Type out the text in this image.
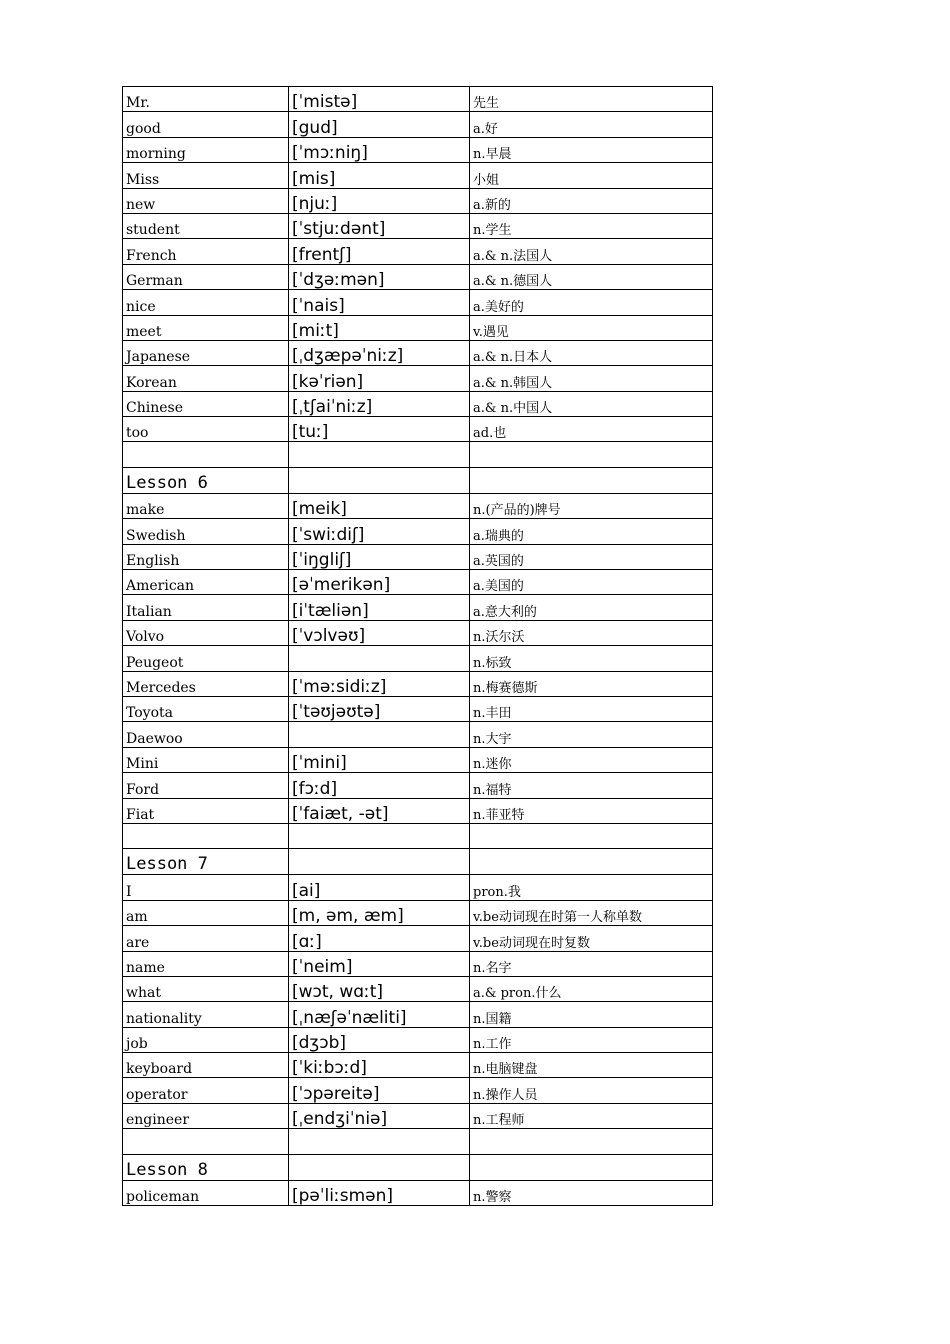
Mr.	[ˈmistə]	先生
good	[gud]	a.好
morning	[ˈmɔːniŋ]	n.早晨
Miss	[mis]	小姐
new	[njuː]	a.新的
student	[ˈstjuːdənt]	n.学生
French	[frentʃ]	a.& n.法国人
German	[ˈdʒəːmən]	a.& n.德国人
nice	[ˈnais]	a.美好的
meet	[miːt]	v.遇见
Japanese	[ˌdʒæpəˈniːz]	a.& n.日本人
Korean	[kəˈriən]	a.& n.韩国人
Chinese	[ˌtʃaiˈniːz]	a.& n.中国人
too	[tuː]	ad.也

Lesson 6		
make	[meik]	n.(产品的)牌号
Swedish	[ˈswiːdiʃ]	a.瑞典的
English	[ˈiŋgliʃ]	a.英国的
American	[əˈmerikən]	a.美国的
Italian	[iˈtæliən]	a.意大利的
Volvo	[ˈvɔlvəʊ]	n.沃尔沃
Peugeot		n.标致
Mercedes	[ˈməːsidiːz]	n.梅赛德斯
Toyota	[ˈtəʊjəʊtə]	n.丰田
Daewoo		n.大宇
Mini	[ˈmini]	n.迷你
Ford	[fɔːd]	n.福特
Fiat	[ˈfaiæt, -ət]	n.菲亚特

Lesson 7		
I	[ai]	pron.我
am	[m, əm, æm]	v.be动词现在时第一人称单数
are	[ɑː]	v.be动词现在时复数
name	[ˈneim]	n.名字
what	[wɔt, wɑːt]	a.& pron.什么
nationality	[ˌnæʃəˈnæliti]	n.国籍
job	[dʒɔb]	n.工作
keyboard	[ˈkiːbɔːd]	n.电脑键盘
operator	[ˈɔpəreitə]	n.操作人员
engineer	[ˌendʒiˈniə]	n.工程师

Lesson 8		
policeman	[pəˈliːsmən]	n.警察
